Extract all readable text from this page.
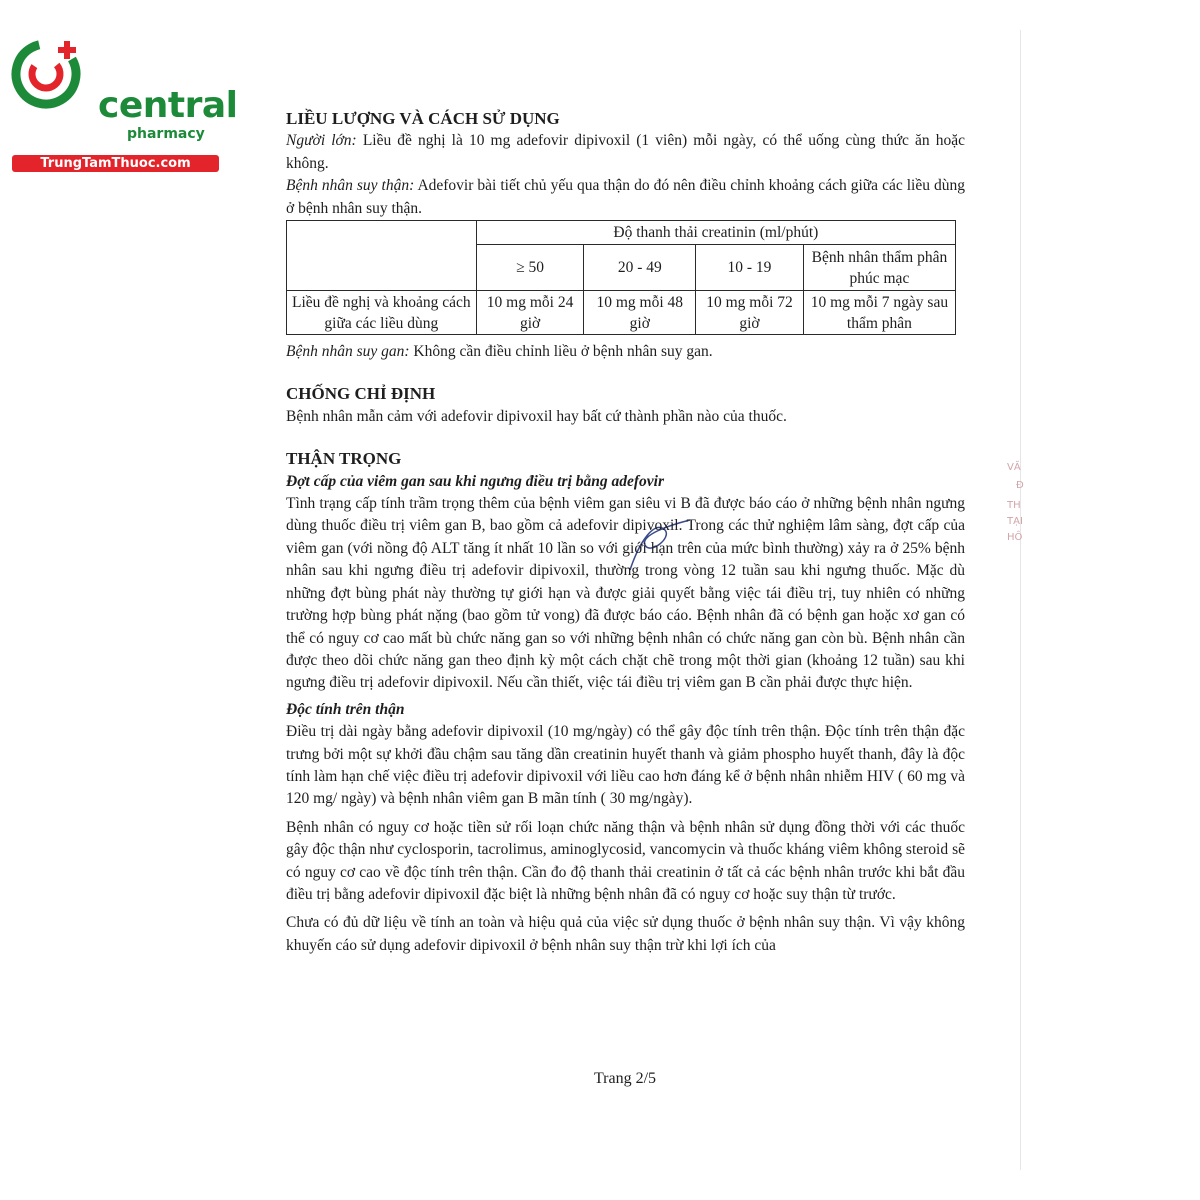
central
pharmacy
TrungTamThuoc.com
VĂ
Đ
TH
TẠI
HÔ

LIỀU LƯỢNG VÀ CÁCH SỬ DỤNG

Người lớn: Liều đề nghị là 10 mg adefovir dipivoxil (1 viên) mỗi ngày, có thể uống cùng thức ăn hoặc không.

Bệnh nhân suy thận: Adefovir bài tiết chủ yếu qua thận do đó nên điều chỉnh khoảng cách giữa các liều dùng ở bệnh nhân suy thận.

	Độ thanh thải creatinin (ml/phút)			
	≥ 50	20 - 49	10 - 19	Bệnh nhân thẩm phân phúc mạc
Liều đề nghị và khoảng cách giữa các liều dùng	10 mg mỗi 24 giờ	10 mg mỗi 48 giờ	10 mg mỗi 72 giờ	10 mg mỗi 7 ngày sau thẩm phân

Bệnh nhân suy gan: Không cần điều chỉnh liều ở bệnh nhân suy gan.

CHỐNG CHỈ ĐỊNH

Bệnh nhân mẫn cảm với adefovir dipivoxil hay bất cứ thành phần nào của thuốc.

THẬN TRỌNG

Đợt cấp của viêm gan sau khi ngưng điều trị bằng adefovir

Tình trạng cấp tính trầm trọng thêm của bệnh viêm gan siêu vi B đã được báo cáo ở những bệnh nhân ngưng dùng thuốc điều trị viêm gan B, bao gồm cả adefovir dipivoxil. Trong các thử nghiệm lâm sàng, đợt cấp của viêm gan (với nồng độ ALT tăng ít nhất 10 lần so với giới hạn trên của mức bình thường) xảy ra ở 25% bệnh nhân sau khi ngưng điều trị adefovir dipivoxil, thường trong vòng 12 tuần sau khi ngưng thuốc. Mặc dù những đợt bùng phát này thường tự giới hạn và được giải quyết bằng việc tái điều trị, tuy nhiên có những trường hợp bùng phát nặng (bao gồm tử vong) đã được báo cáo. Bệnh nhân đã có bệnh gan hoặc xơ gan có thể có nguy cơ cao mất bù chức năng gan so với những bệnh nhân có chức năng gan còn bù. Bệnh nhân cần được theo dõi chức năng gan theo định kỳ một cách chặt chẽ trong một thời gian (khoảng 12 tuần) sau khi ngưng điều trị adefovir dipivoxil. Nếu cần thiết, việc tái điều trị viêm gan B cần phải được thực hiện.

Độc tính trên thận

Điều trị dài ngày bằng adefovir dipivoxil (10 mg/ngày) có thể gây độc tính trên thận. Độc tính trên thận đặc trưng bởi một sự khởi đầu chậm sau tăng dần creatinin huyết thanh và giảm phospho huyết thanh, đây là độc tính làm hạn chế việc điều trị adefovir dipivoxil với liều cao hơn đáng kể ở bệnh nhân nhiễm HIV ( 60 mg và 120 mg/ ngày) và bệnh nhân viêm gan B mãn tính ( 30 mg/ngày).

Bệnh nhân có nguy cơ hoặc tiền sử rối loạn chức năng thận và bệnh nhân sử dụng đồng thời với các thuốc gây độc thận như cyclosporin, tacrolimus, aminoglycosid, vancomycin và thuốc kháng viêm không steroid sẽ có nguy cơ cao về độc tính trên thận. Cần đo độ thanh thải creatinin ở tất cả các bệnh nhân trước khi bắt đầu điều trị bằng adefovir dipivoxil đặc biệt là những bệnh nhân đã có nguy cơ hoặc suy thận từ trước.

Chưa có đủ dữ liệu về tính an toàn và hiệu quả của việc sử dụng thuốc ở bệnh nhân suy thận. Vì vậy không khuyến cáo sử dụng adefovir dipivoxil ở bệnh nhân suy thận trừ khi lợi ích của

Trang 2/5
